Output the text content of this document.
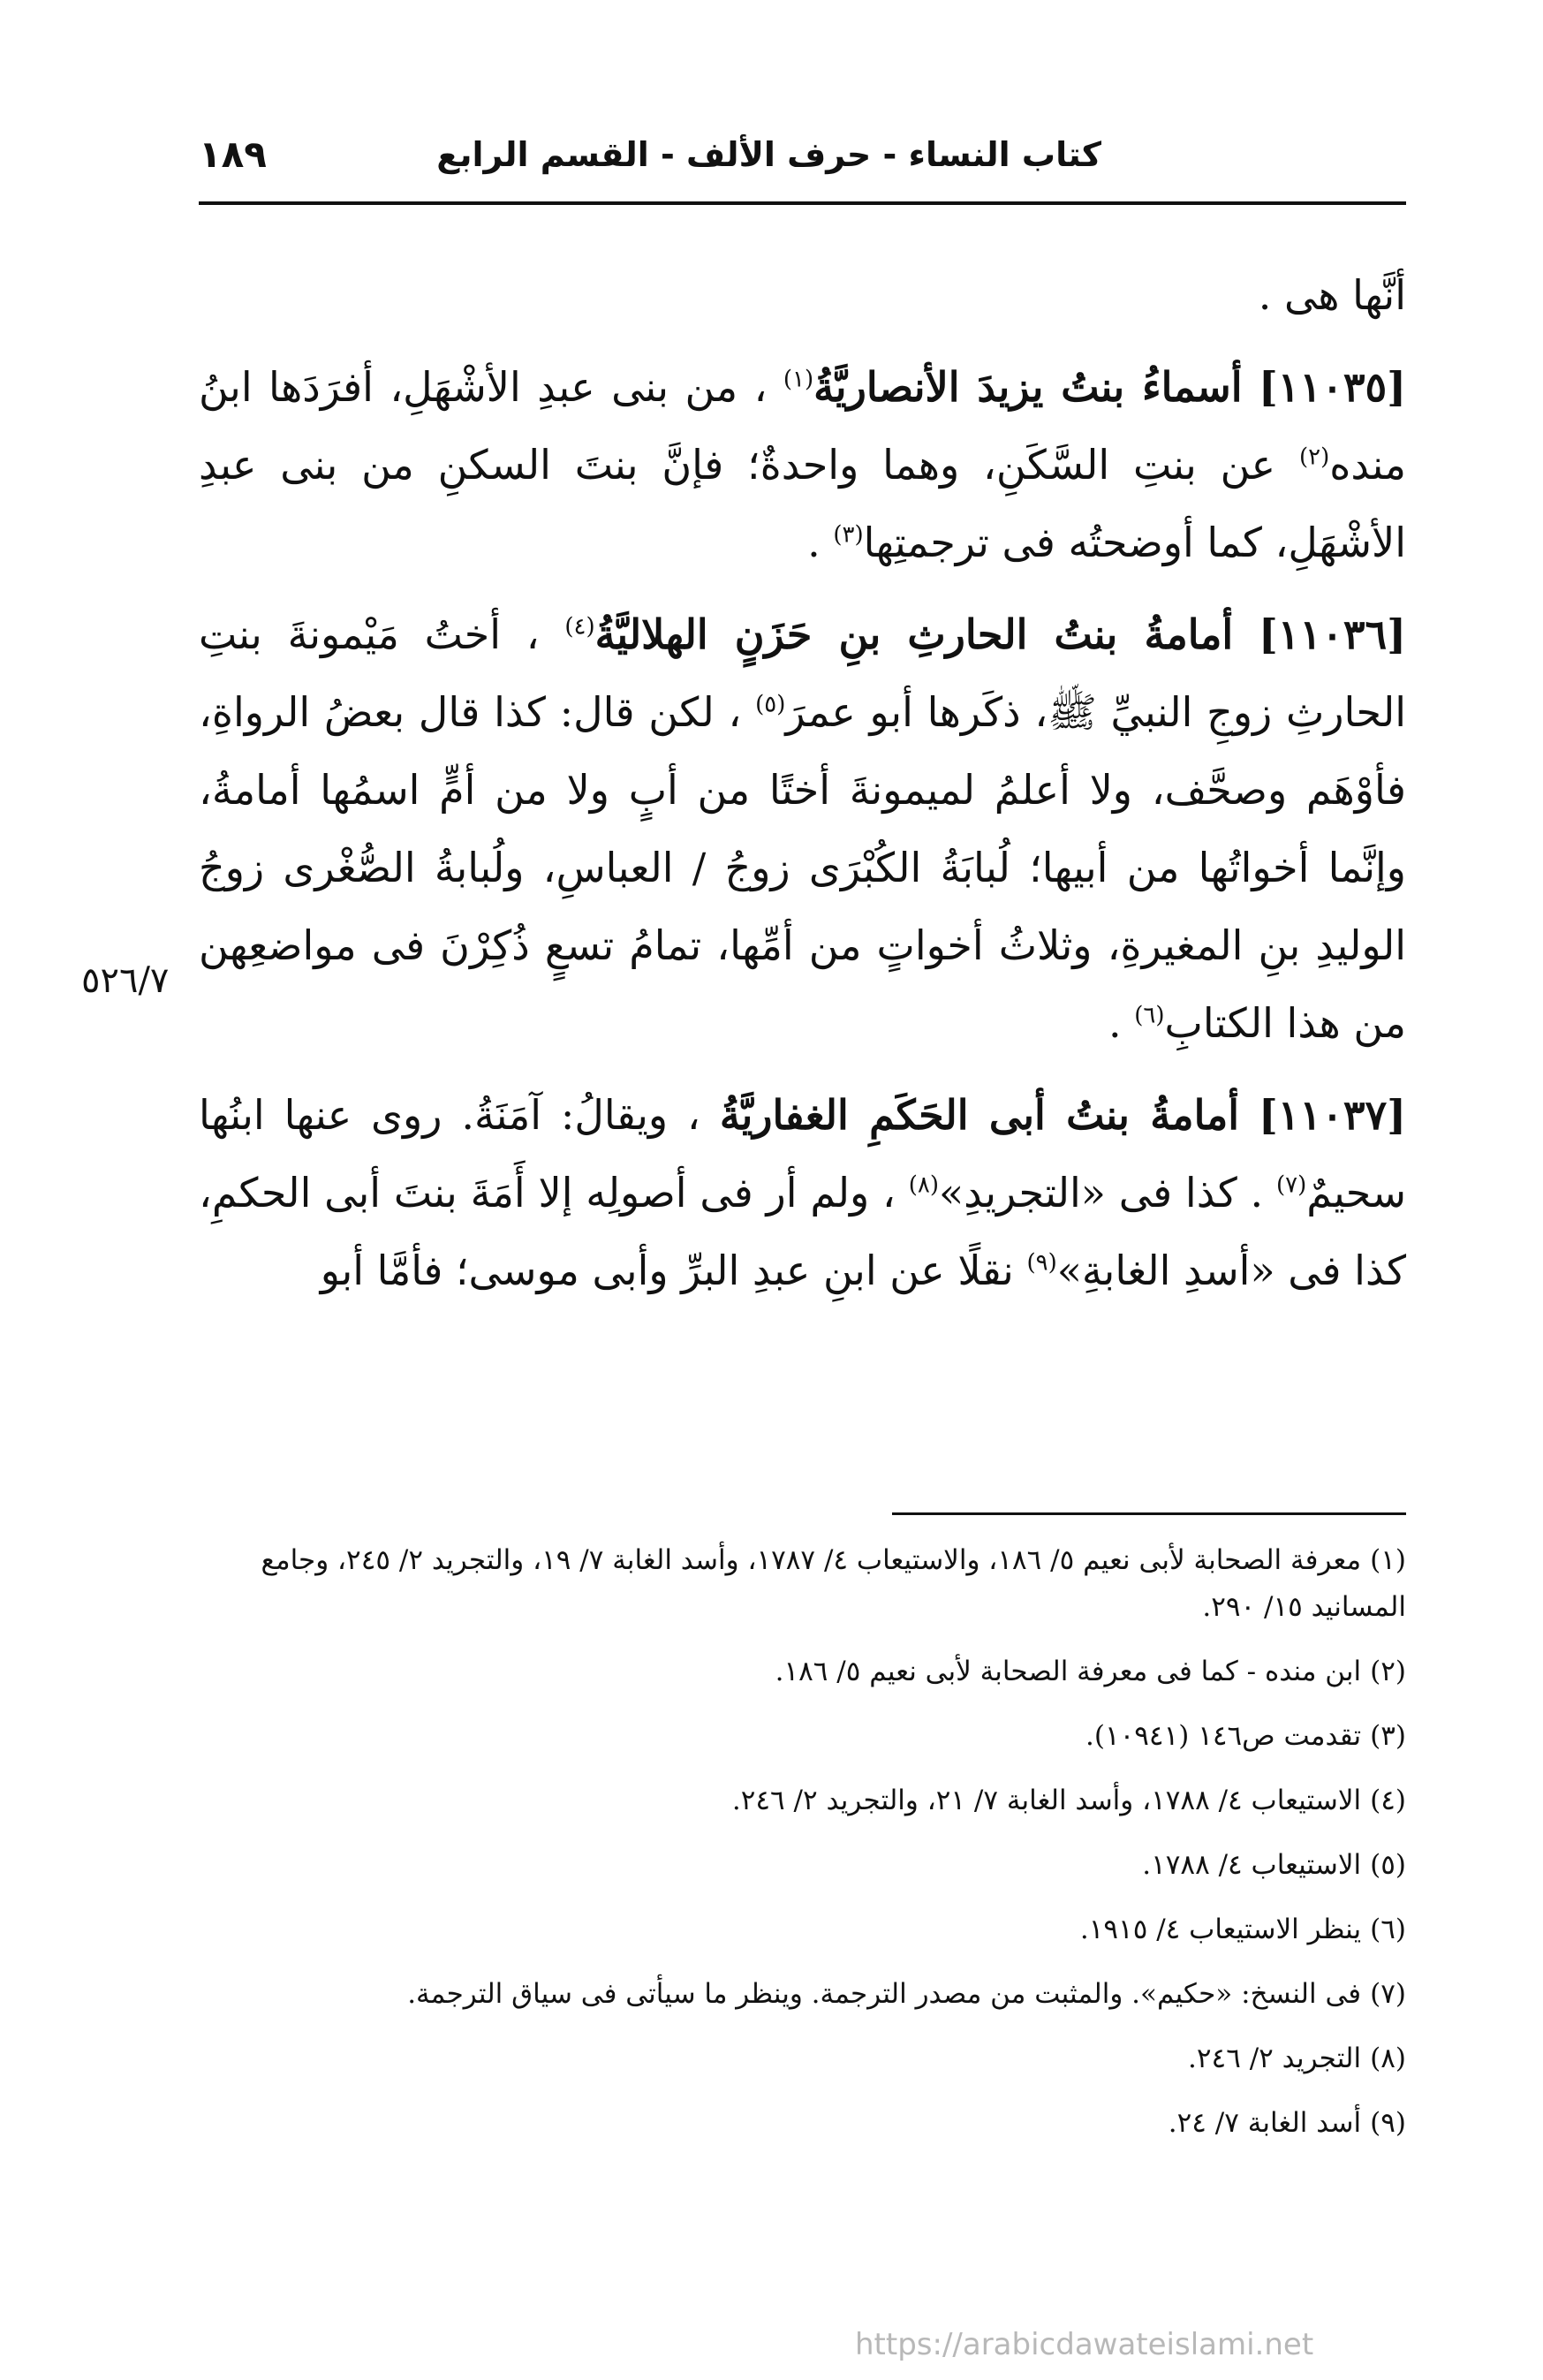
كتاب النساء - حرف الألف - القسم الرابع
١٨٩

أنَّها هى .

[١١٠٣٥] أسماءُ بنتُ يزيدَ الأنصاريَّةُ$^{(١)}$ ، من بنى عبدِ الأشْهَلِ، أفرَدَها ابنُ منده$^{(٢)}$ عن بنتِ السَّكَنِ، وهما واحدةٌ؛ فإنَّ بنتَ السكنِ من بنى عبدِ الأشْهَلِ، كما أوضحتُه فى ترجمتِها$^{(٣)}$ .

[١١٠٣٦] أمامةُ بنتُ الحارثِ بنِ حَزَنٍ الهلاليَّةُ$^{(٤)}$ ، أختُ مَيْمونةَ بنتِ الحارثِ زوجِ النبيِّ ﷺ، ذكَرها أبو عمرَ$^{(٥)}$ ، لكن قال: كذا قال بعضُ الرواةِ، فأوْهَم وصحَّف، ولا أعلمُ لميمونةَ أختًا من أبٍ ولا من أمٍّ اسمُها أمامةُ، وإنَّما أخواتُها من أبيها؛ لُبابَةُ الكُبْرَى زوجُ / العباسِ، ولُبابةُ الصُّغْرى زوجُ الوليدِ بنِ المغيرةِ، وثلاثُ أخواتٍ من أمِّها، تمامُ تسعٍ ذُكِرْنَ فى مواضعِهن من هذا الكتابِ$^{(٦)}$ .

[١١٠٣٧] أمامةُ بنتُ أبى الحَكَمِ الغفاريَّةُ ، ويقالُ: آمَنَةُ. روى عنها ابنُها سحيمٌ$^{(٧)}$ . كذا فى «التجريدِ»$^{(٨)}$ ، ولم أر فى أصولِه إلا أَمَةَ بنتَ أبى الحكمِ، كذا فى «أسدِ الغابةِ»$^{(٩)}$ نقلًا عن ابنِ عبدِ البرِّ وأبى موسى؛ فأمَّا أبو

٥٢٦/٧

(١)معرفة الصحابة لأبى نعيم ٥/ ١٨٦، والاستيعاب ٤/ ١٧٨٧، وأسد الغابة ٧/ ١٩، والتجريد ٢/ ٢٤٥، وجامع المسانيد ١٥/ ٢٩٠.

(٢)ابن منده - كما فى معرفة الصحابة لأبى نعيم ٥/ ١٨٦.

(٣)تقدمت ص١٤٦ (١٠٩٤١).

(٤)الاستيعاب ٤/ ١٧٨٨، وأسد الغابة ٧/ ٢١، والتجريد ٢/ ٢٤٦.

(٥)الاستيعاب ٤/ ١٧٨٨.

(٦)ينظر الاستيعاب ٤/ ١٩١٥.

(٧)فى النسخ: «حكيم». والمثبت من مصدر الترجمة. وينظر ما سيأتى فى سياق الترجمة.

(٨)التجريد ٢/ ٢٤٦.

(٩)أسد الغابة ٧/ ٢٤.

https://arabicdawateislami.net
